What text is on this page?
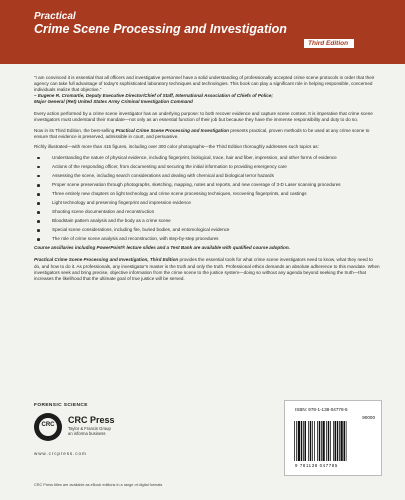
Practical
Crime Scene Processing and Investigation
Third Edition

“I am convinced it is essential that all officers and investigative personnel have a solid understanding of professionally accepted crime scene protocols in order that their agency can take full advantage of today’s sophisticated laboratory techniques and technologies. This book can play a significant role in helping responsible, concerned individuals realize that objective.”

– Eugene R. Cromartie, Deputy Executive Director/Chief of Staff, International Association of Chiefs of Police;

Major General (Ret) United States Army Criminal Investigation Command

Every action performed by a crime scene investigator has an underlying purpose: to both recover evidence and capture scene context. It is imperative that crime scene investigators must understand their mandate—not only as an essential function of their job but because they have the immense responsibility and duty to do so.

Now in its Third Edition, the best-selling Practical Crime Scene Processing and Investigation presents practical, proven methods to be used at any crime scene to ensure that evidence is preserved, admissible in court, and persuasive.

Richly illustrated—with more than 415 figures, including over 300 color photographs—the Third Edition thoroughly addresses such topics as:

Understanding the nature of physical evidence, including fingerprint, biological, trace, hair and fiber, impression, and other forms of evidence
Actions of the responding officer, from documenting and securing the initial information to providing emergency care
Assessing the scene, including search considerations and dealing with chemical and biological terror hazards
Proper scene preservation through photographs, sketching, mapping, notes and reports, and new coverage of 3-D Laser scanning procedures
Three entirely new chapters on light technology and crime scene processing techniques, recovering fingerprints, and castings
Light technology and preserving fingerprint and impression evidence
Shooting scene documentation and reconstruction
Bloodstain pattern analysis and the body as a crime scene
Special scene considerations, including fire, buried bodies, and entomological evidence
The role of crime scene analysis and reconstruction, with step-by-step procedures

Course ancillaries including PowerPoint® lecture slides and a Test Bank are available with qualified course adoption.

Practical Crime Scene Processing and Investigation, Third Edition provides the essential tools for what crime scene investigators need to know, what they need to do, and how to do it. As professionals, any investigator’s master is the truth and only the truth. Professional ethics demands an absolute adherence to this mandate. When investigators seek and bring precise, objective information from the crime scene to the justice system—doing so without any agenda beyond seeking the truth—that increases the likelihood that the ultimate goal of true justice will be served.

FORENSIC SCIENCE
CRC	CRC Press
Taylor & Francis Group
an informa business
www.crcpress.com
CRC Press titles are available as eBook editions in a range of digital formats
ISBN: 978-1-138-04778-5
90000
9 781138 047785
